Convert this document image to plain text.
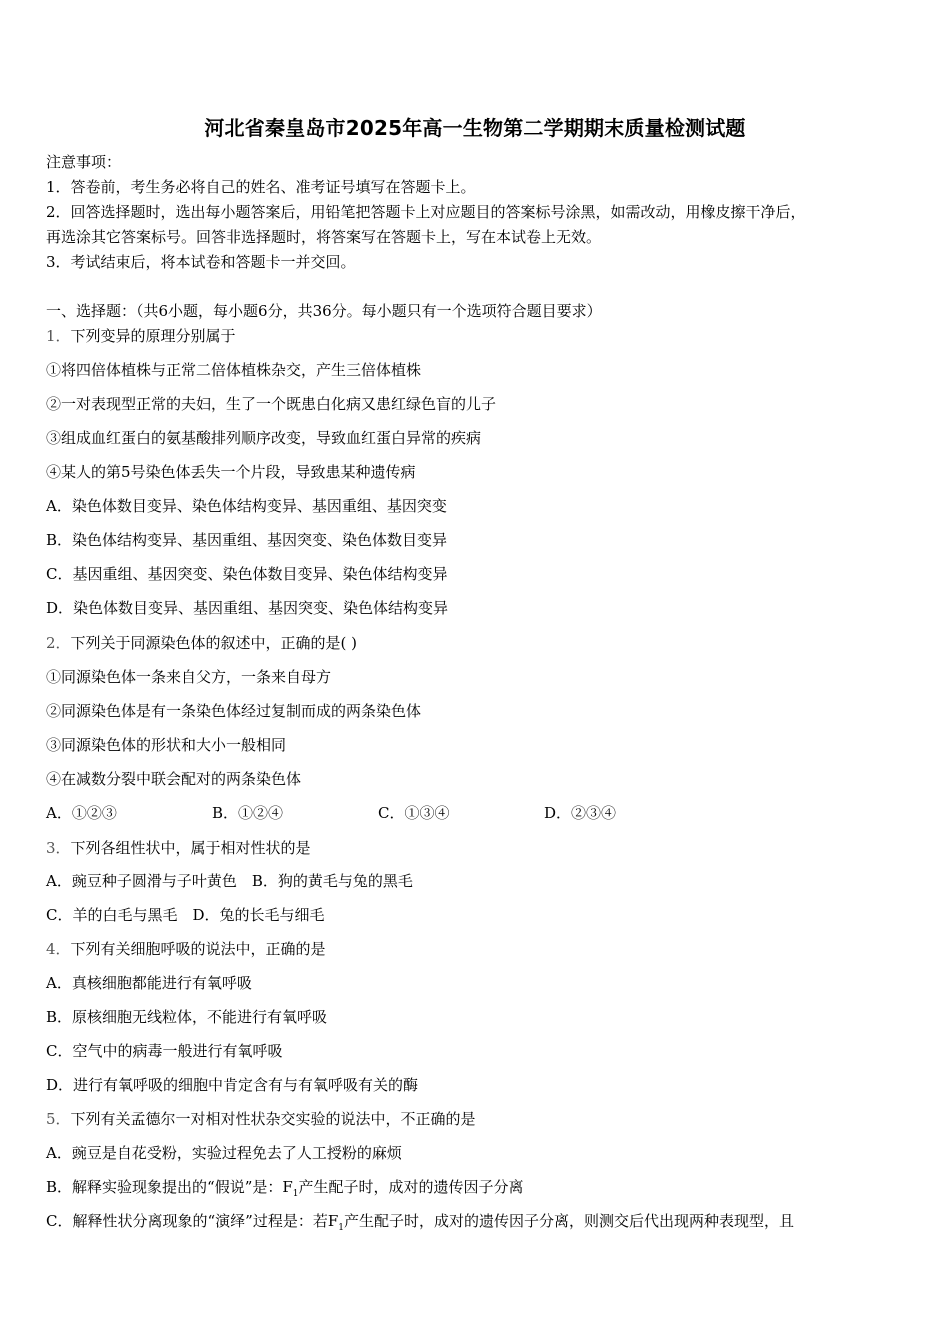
河北省秦皇岛市2025年高一生物第二学期期末质量检测试题
注意事项：
1．答卷前，考生务必将自己的姓名、准考证号填写在答题卡上。
2．回答选择题时，选出每小题答案后，用铅笔把答题卡上对应题目的答案标号涂黑，如需改动，用橡皮擦干净后，
再选涂其它答案标号。回答非选择题时，将答案写在答题卡上，写在本试卷上无效。
3．考试结束后，将本试卷和答题卡一并交回。
一、选择题：（共6小题，每小题6分，共36分。每小题只有一个选项符合题目要求）
1．下列变异的原理分别属于
①将四倍体植株与正常二倍体植株杂交，产生三倍体植株
②一对表现型正常的夫妇，生了一个既患白化病又患红绿色盲的儿子
③组成血红蛋白的氨基酸排列顺序改变，导致血红蛋白异常的疾病
④某人的第5号染色体丢失一个片段，导致患某种遗传病
A．染色体数目变异、染色体结构变异、基因重组、基因突变
B．染色体结构变异、基因重组、基因突变、染色体数目变异
C．基因重组、基因突变、染色体数目变异、染色体结构变异
D．染色体数目变异、基因重组、基因突变、染色体结构变异
2．下列关于同源染色体的叙述中，正确的是( )
①同源染色体一条来自父方，一条来自母方
②同源染色体是有一条染色体经过复制而成的两条染色体
③同源染色体的形状和大小一般相同
④在减数分裂中联会配对的两条染色体
A．①②③	B．①②④	C．①③④	D．②③④
3．下列各组性状中，属于相对性状的是
A．豌豆种子圆滑与子叶黄色　B．狗的黄毛与兔的黑毛
C．羊的白毛与黑毛　D．兔的长毛与细毛
4．下列有关细胞呼吸的说法中，正确的是
A．真核细胞都能进行有氧呼吸
B．原核细胞无线粒体，不能进行有氧呼吸
C．空气中的病毒一般进行有氧呼吸
D．进行有氧呼吸的细胞中肯定含有与有氧呼吸有关的酶
5．下列有关孟德尔一对相对性状杂交实验的说法中，不正确的是
A．豌豆是自花受粉，实验过程免去了人工授粉的麻烦
B．解释实验现象提出的“假说”是：$F_1$产生配子时，成对的遗传因子分离
C．解释性状分离现象的“演绎”过程是：若$F_1$产生配子时，成对的遗传因子分离，则测交后代出现两种表现型，且
